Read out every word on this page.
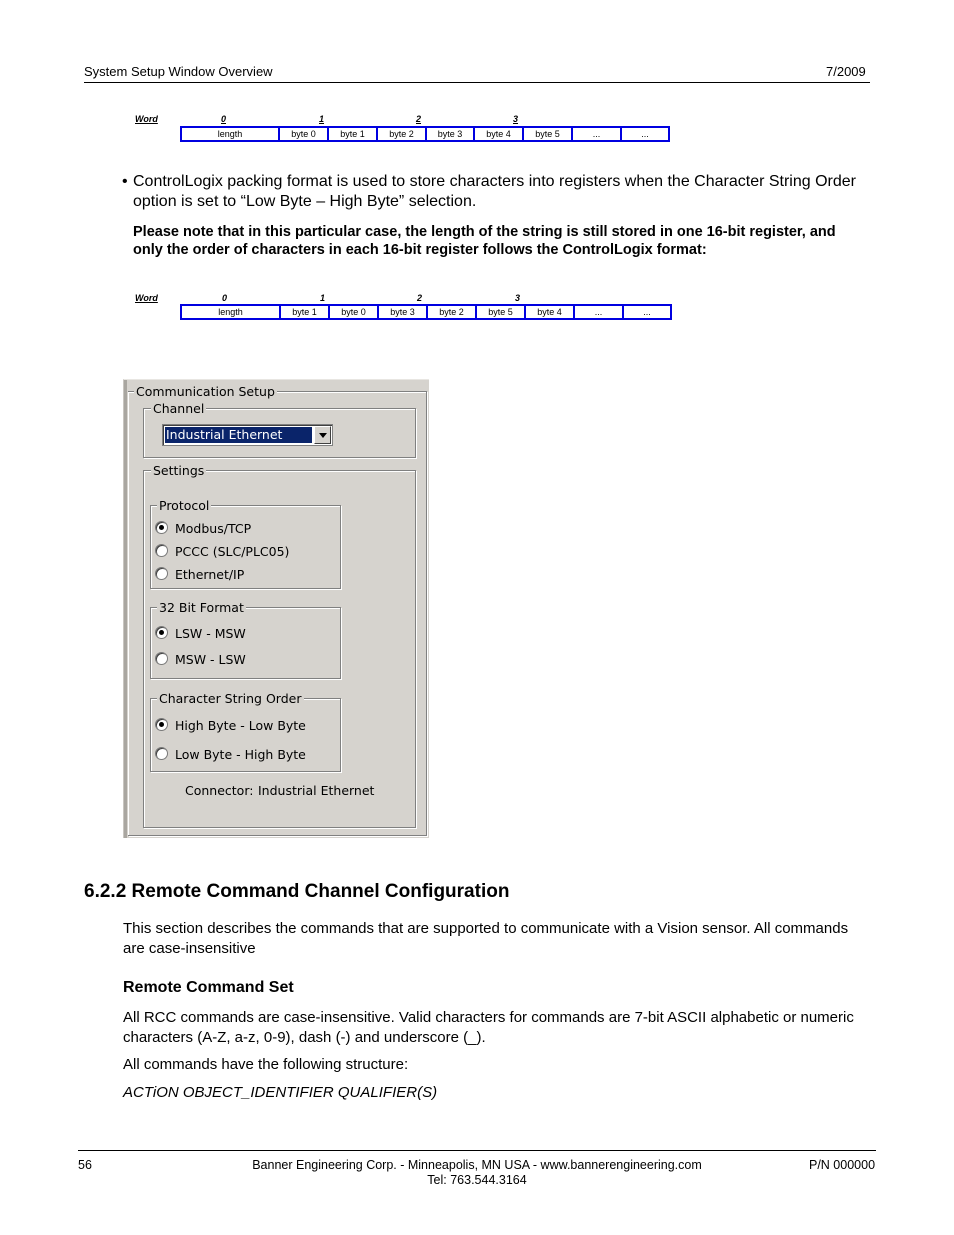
System Setup Window Overview	7/2009
Word	0	1	2	3
length	byte 0	byte 1	byte 2	byte 3	byte 4	byte 5	...	...
• ControlLogix packing format is used to store characters into registers when the Character String Order option is set to “Low Byte – High Byte” selection.
Please note that in this particular case, the length of the string is still stored in one 16-bit register, and only the order of characters in each 16-bit register follows the ControlLogix format:
Word	0	1	2	3
length	byte 1	byte 0	byte 3	byte 2	byte 5	byte 4	...	...
Communication Setup
Channel
Industrial Ethernet
Settings
Protocol
Modbus/TCP
PCCC (SLC/PLC05)
Ethernet/IP
32 Bit Format
LSW - MSW
MSW - LSW
Character String Order
High Byte - Low Byte
Low Byte - High Byte
Connector: Industrial Ethernet
6.2.2 Remote Command Channel Configuration
This section describes the commands that are supported to communicate with a Vision sensor. All commands are case-insensitive
Remote Command Set
All RCC commands are case-insensitive. Valid characters for commands are 7-bit ASCII alphabetic or numeric characters (A-Z, a-z, 0-9), dash (-) and underscore (_).
All commands have the following structure:
ACTiON OBJECT_IDENTIFIER QUALIFIER(S)
56	Banner Engineering Corp. - Minneapolis, MN USA - www.bannerengineering.com
Tel: 763.544.3164
P/N 000000
